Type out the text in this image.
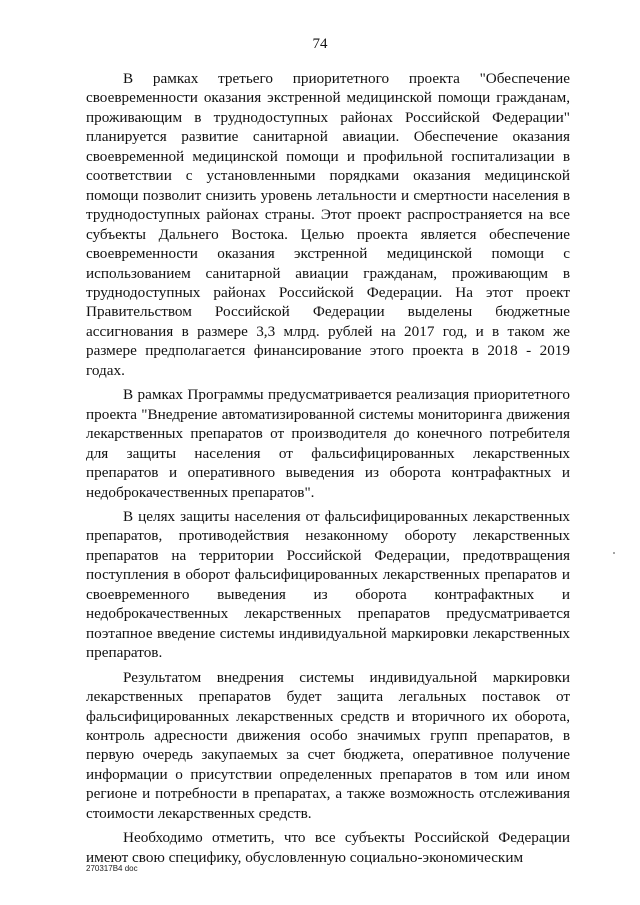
74

В рамках третьего приоритетного проекта "Обеспечение своевременности оказания экстренной медицинской помощи гражданам, проживающим в труднодоступных районах Российской Федерации" планируется развитие санитарной авиации. Обеспечение оказания своевременной медицинской помощи и профильной госпитализации в соответствии с установленными порядками оказания медицинской помощи позволит снизить уровень летальности и смертности населения в труднодоступных районах страны. Этот проект распространяется на все субъекты Дальнего Востока. Целью проекта является обеспечение своевременности оказания экстренной медицинской помощи с использованием санитарной авиации гражданам, проживающим в труднодоступных районах Российской Федерации. На этот проект Правительством Российской Федерации выделены бюджетные ассигнования в размере 3,3 млрд. рублей на 2017 год, и в таком же размере предполагается финансирование этого проекта в 2018 - 2019 годах.

В рамках Программы предусматривается реализация приоритетного проекта "Внедрение автоматизированной системы мониторинга движения лекарственных препаратов от производителя до конечного потребителя для защиты населения от фальсифицированных лекарственных препаратов и оперативного выведения из оборота контрафактных и недоброкачественных препаратов".

В целях защиты населения от фальсифицированных лекарственных препаратов, противодействия незаконному обороту лекарственных препаратов на территории Российской Федерации, предотвращения поступления в оборот фальсифицированных лекарственных препаратов и своевременного выведения из оборота контрафактных и недоброкачественных лекарственных препаратов предусматривается поэтапное введение системы индивидуальной маркировки лекарственных препаратов.

Результатом внедрения системы индивидуальной маркировки лекарственных препаратов будет защита легальных поставок от фальсифицированных лекарственных средств и вторичного их оборота, контроль адресности движения особо значимых групп препаратов, в первую очередь закупаемых за счет бюджета, оперативное получение информации о присутствии определенных препаратов в том или ином регионе и потребности в препаратах, а также возможность отслеживания стоимости лекарственных средств.

Необходимо отметить, что все субъекты Российской Федерации имеют свою специфику, обусловленную социально-экономическим

270317В4 doc
